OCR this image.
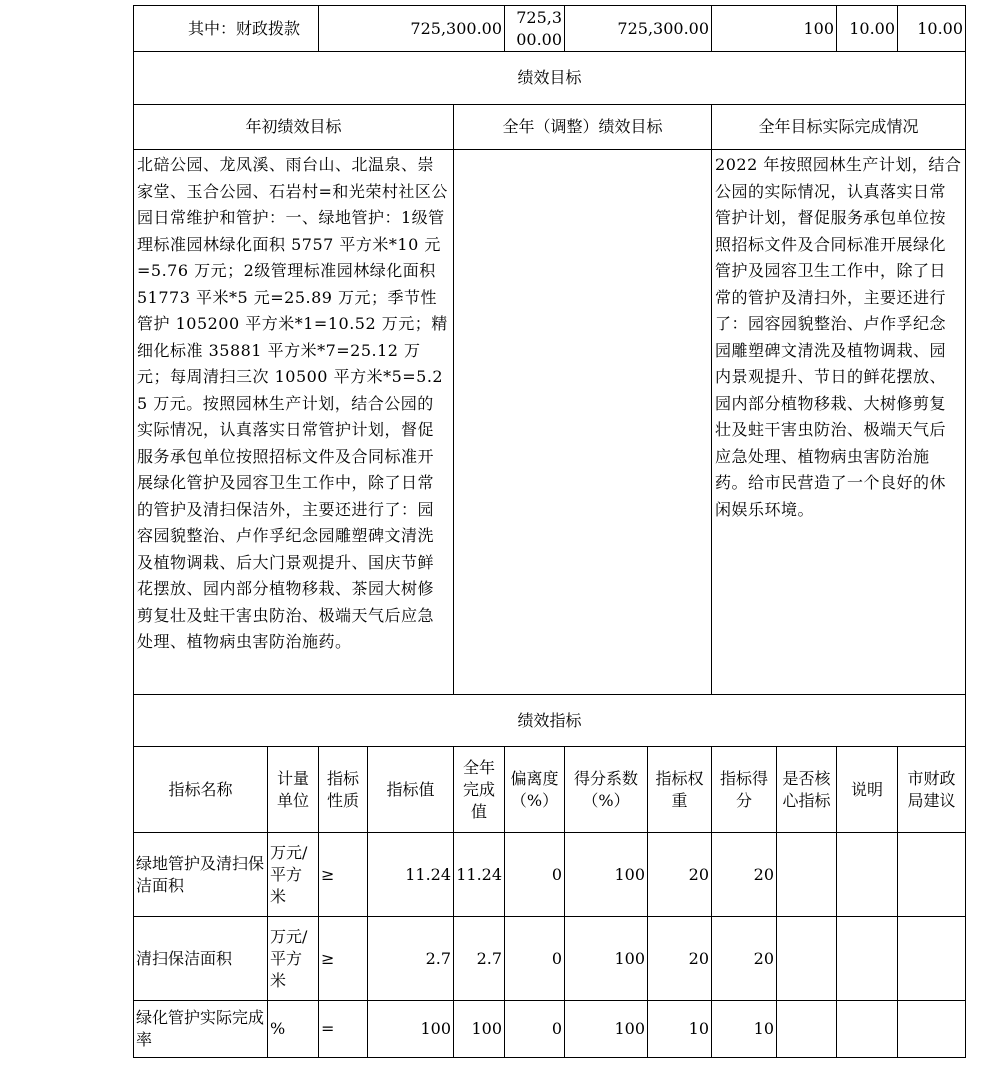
其中：财政拨款		725,300.00			725,300.00	725,300.00		100		10.00	10.00
绩效目标											
年初绩效目标				全年（调整）绩效目标				全年目标实际完成情况			
北碚公园、龙凤溪、雨台山、北温泉、崇家堂、玉合公园、石岩村=和光荣村社区公园日常维护和管护：一、绿地管护：1级管理标准园林绿化面积 5757 平方米*10 元=5.76 万元；2级管理标准园林绿化面积 51773 平米*5 元=25.89 万元；季节性管护 105200 平方米*1=10.52 万元；精细化标准 35881 平方米*7=25.12 万元；每周清扫三次 10500 平方米*5=5.25 万元。按照园林生产计划，结合公园的实际情况，认真落实日常管护计划，督促服务承包单位按照招标文件及合同标准开展绿化管护及园容卫生工作中，除了日常的管护及清扫保洁外，主要还进行了：园容园貌整治、卢作孚纪念园雕塑碑文清洗及植物调栽、后大门景观提升、国庆节鲜花摆放、园内部分植物移栽、茶园大树修剪复壮及蛀干害虫防治、极端天气后应急处理、植物病虫害防治施药。								2022 年按照园林生产计划，结合公园的实际情况，认真落实日常管护计划，督促服务承包单位按照招标文件及合同标准开展绿化管护及园容卫生工作中，除了日常的管护及清扫外，主要还进行了：园容园貌整治、卢作孚纪念园雕塑碑文清洗及植物调栽、园内景观提升、节日的鲜花摆放、园内部分植物移栽、大树修剪复壮及蛀干害虫防治、极端天气后应急处理、植物病虫害防治施药。给市民营造了一个良好的休闲娱乐环境。			
绩效指标											
指标名称	计量单位	指标性质	指标值	全年完成值	偏离度（%）	得分系数（%）	指标权重	指标得分	是否核心指标	说明	市财政局建议
绿地管护及清扫保洁面积	万元/平方米	≥	11.24	11.24	0	100	20	20			
清扫保洁面积	万元/平方米	≥	2.7	2.7	0	100	20	20			
绿化管护实际完成率	%	=	100	100	0	100	10	10			
